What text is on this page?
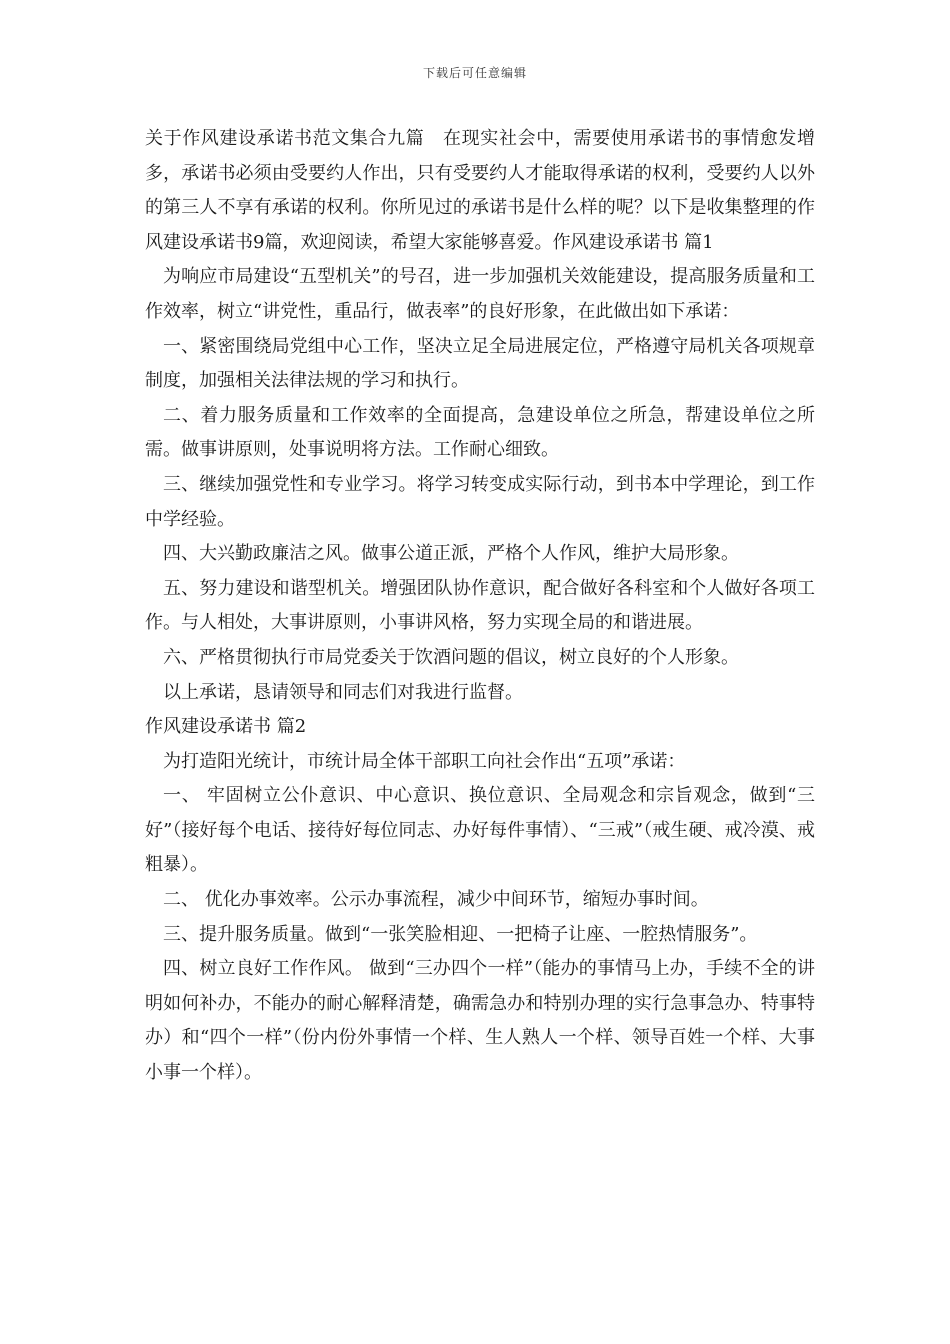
下载后可任意编辑

关于作风建设承诺书范文集合九篇　在现实社会中，需要使用承诺书的事情愈发增多，承诺书必须由受要约人作出，只有受要约人才能取得承诺的权利，受要约人以外的第三人不享有承诺的权利。你所见过的承诺书是什么样的呢？以下是收集整理的作风建设承诺书9篇，欢迎阅读，希望大家能够喜爱。作风建设承诺书 篇1

为响应市局建设“五型机关”的号召，进一步加强机关效能建设，提高服务质量和工作效率，树立“讲党性，重品行，做表率”的良好形象，在此做出如下承诺：

一、紧密围绕局党组中心工作，坚决立足全局进展定位，严格遵守局机关各项规章制度，加强相关法律法规的学习和执行。

二、着力服务质量和工作效率的全面提高，急建设单位之所急，帮建设单位之所需。做事讲原则，处事说明将方法。工作耐心细致。

三、继续加强党性和专业学习。将学习转变成实际行动，到书本中学理论，到工作中学经验。

四、大兴勤政廉洁之风。做事公道正派，严格个人作风，维护大局形象。

五、努力建设和谐型机关。增强团队协作意识，配合做好各科室和个人做好各项工作。与人相处，大事讲原则，小事讲风格，努力实现全局的和谐进展。

六、严格贯彻执行市局党委关于饮酒问题的倡议，树立良好的个人形象。

以上承诺，恳请领导和同志们对我进行监督。

作风建设承诺书 篇2

为打造阳光统计，市统计局全体干部职工向社会作出“五项”承诺：

一、 牢固树立公仆意识、中心意识、换位意识、全局观念和宗旨观念，做到“三好”（接好每个电话、接待好每位同志、办好每件事情）、“三戒”（戒生硬、戒冷漠、戒粗暴）。

二、 优化办事效率。公示办事流程，减少中间环节，缩短办事时间。

三、提升服务质量。做到“一张笑脸相迎、一把椅子让座、一腔热情服务”。

四、树立良好工作作风。 做到“三办四个一样”（能办的事情马上办，手续不全的讲明如何补办，不能办的耐心解释清楚，确需急办和特别办理的实行急事急办、特事特办）和“四个一样”（份内份外事情一个样、生人熟人一个样、领导百姓一个样、大事小事一个样）。
